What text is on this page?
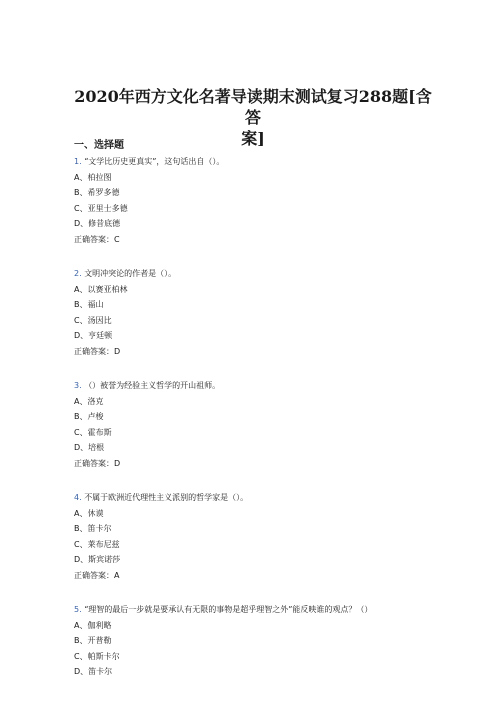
2020年西方文化名著导读期末测试复习288题[含答
案]
一、选择题
1. “文学比历史更真实”，这句话出自（）。
A、柏拉图
B、希罗多德
C、亚里士多德
D、修昔底德
正确答案：C
2. 文明冲突论的作者是（）。
A、以赛亚柏林
B、福山
C、汤因比
D、亨廷顿
正确答案：D
3. （）被誉为经验主义哲学的开山祖师。
A、洛克
B、卢梭
C、霍布斯
D、培根
正确答案：D
4. 不属于欧洲近代理性主义派别的哲学家是（）。
A、休谟
B、笛卡尔
C、莱布尼兹
D、斯宾诺莎
正确答案：A
5. “理智的最后一步就是要承认有无限的事物是超乎理智之外”能反映谁的观点？（）
A、伽利略
B、开普勒
C、帕斯卡尔
D、笛卡尔
